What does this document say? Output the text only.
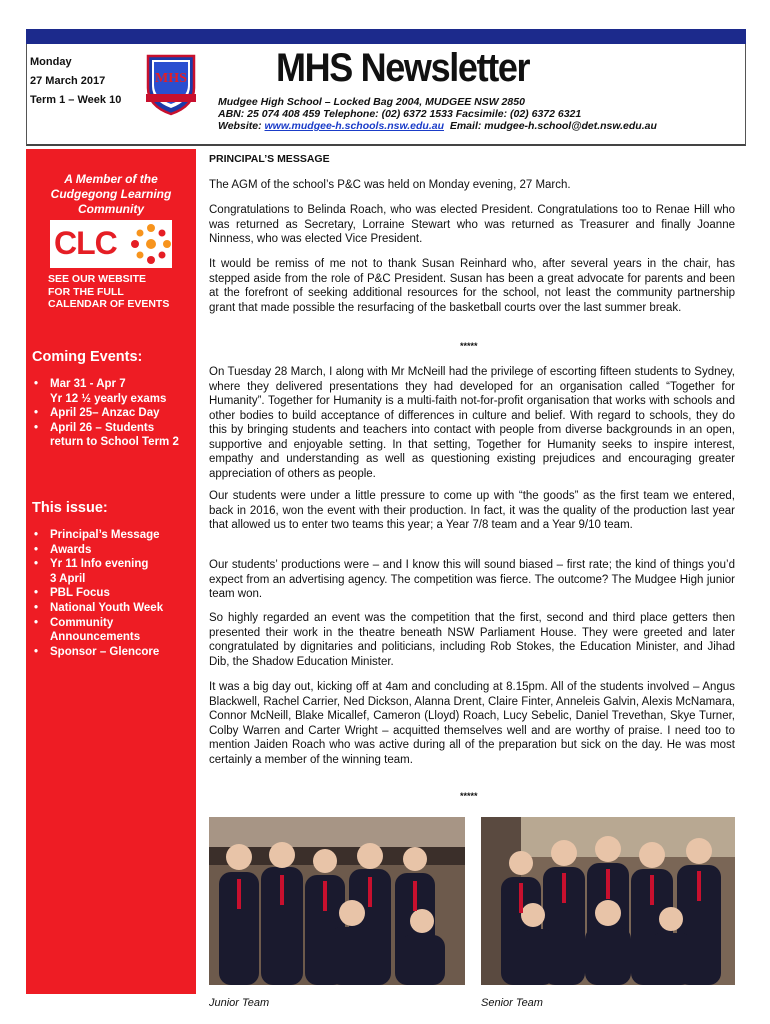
Monday
27 March 2017
Term 1 – Week 10
MHS MHS Newsletter
Mudgee High School – Locked Bag 2004, MUDGEE NSW 2850
ABN: 25 074 408 459 Telephone: (02) 6372 1533 Facsimile: (02) 6372 6321
Website: www.mudgee-h.schools.nsw.edu.au Email: mudgee-h.school@det.nsw.edu.au
A Member of the Cudgegong Learning Community
CLC
SEE OUR WEBSITE
FOR THE FULL
CALENDAR OF EVENTS
Coming Events:
• Mar 31 - Apr 7
Yr 12 ½ yearly exams
• April 25– Anzac Day
• April 26 – Students
return to School Term 2
This issue:
• Principal’s Message
• Awards
• Yr 11 Info evening
3 April
• PBL Focus
• National Youth Week
• Community
Announcements
• Sponsor – Glencore
PRINCIPAL’S MESSAGE

The AGM of the school’s P&C was held on Monday evening, 27 March.

Congratulations to Belinda Roach, who was elected President. Congratulations too to Renae Hill who was returned as Secretary, Lorraine Stewart who was returned as Treasurer and finally Joanne Ninness, who was elected Vice President.

It would be remiss of me not to thank Susan Reinhard who, after several years in the chair, has stepped aside from the role of P&C President. Susan has been a great advocate for parents and been at the forefront of seeking additional resources for the school, not least the community partnership grant that made possible the resurfacing of the basketball courts over the last summer break.

*****

On Tuesday 28 March, I along with Mr McNeill had the privilege of escorting fifteen students to Sydney, where they delivered presentations they had developed for an organisation called “Together for Humanity”. Together for Humanity is a multi-faith not-for-profit organisation that works with schools and other bodies to build acceptance of differences in culture and belief. With regard to schools, they do this by bringing students and teachers into contact with people from diverse backgrounds in an open, supportive and enjoyable setting. In that setting, Together for Humanity seeks to inspire interest, empathy and understanding as well as questioning existing prejudices and encouraging greater appreciation of others as people.

Our students were under a little pressure to come up with “the goods” as the first team we entered, back in 2016, won the event with their production. In fact, it was the quality of the production last year that allowed us to enter two teams this year; a Year 7/8 team and a Year 9/10 team.

Our students’ productions were – and I know this will sound biased – first rate; the kind of things you’d expect from an advertising agency. The competition was fierce. The outcome? The Mudgee High junior team won.

So highly regarded an event was the competition that the first, second and third place getters then presented their work in the theatre beneath NSW Parliament House. They were greeted and later congratulated by dignitaries and politicians, including Rob Stokes, the Education Minister, and Jihad Dib, the Shadow Education Minister.

It was a big day out, kicking off at 4am and concluding at 8.15pm. All of the students involved – Angus Blackwell, Rachel Carrier, Ned Dickson, Alanna Drent, Claire Finter, Anneleis Galvin, Alexis McNamara, Connor McNeill, Blake Micallef, Cameron (Lloyd) Roach, Lucy Sebelic, Daniel Trevethan, Skye Turner, Colby Warren and Carter Wright – acquitted themselves well and are worthy of praise. I need too to mention Jaiden Roach who was active during all of the preparation but sick on the day. He was most certainly a member of the winning team.

*****
Junior Team	Senior Team
